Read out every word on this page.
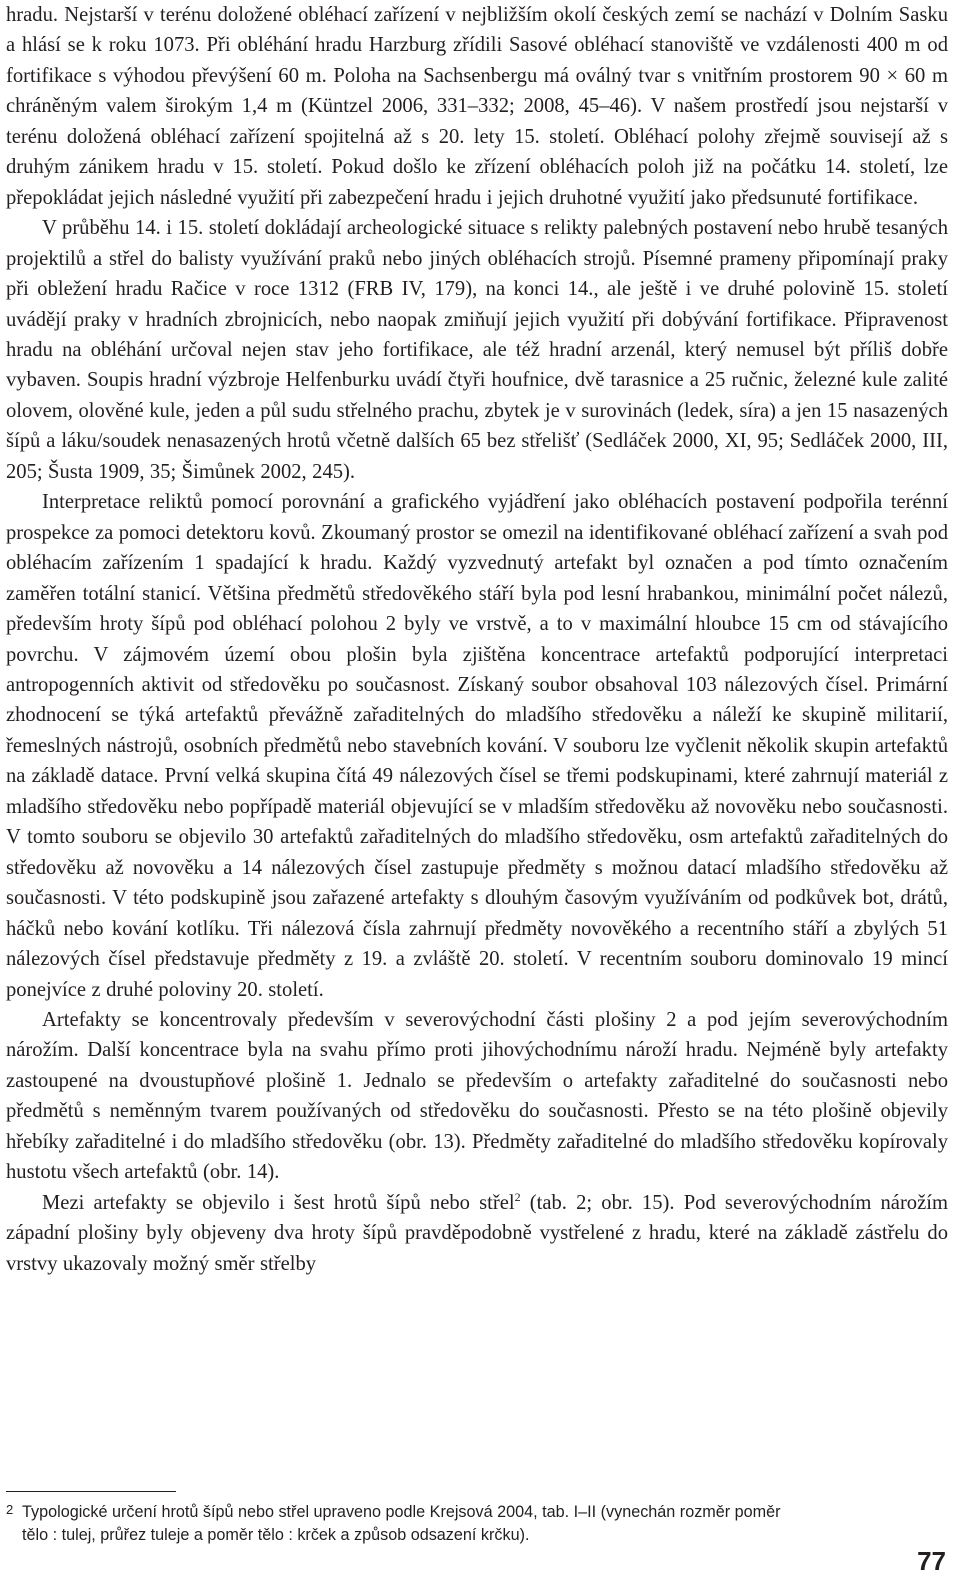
hradu. Nejstarší v terénu doložené obléhací zařízení v nejbližším okolí českých zemí se nachází v Dolním Sasku a hlásí se k roku 1073. Při obléhání hradu Harzburg zřídili Sasové obléhací stanoviště ve vzdálenosti 400 m od fortifikace s výhodou převýšení 60 m. Poloha na Sachsenbergu má oválný tvar s vnitřním prostorem 90 × 60 m chráněným valem širokým 1,4 m (Küntzel 2006, 331–332; 2008, 45–46). V našem prostředí jsou nejstarší v terénu doložená obléhací zařízení spojitelná až s 20. lety 15. století. Obléhací polohy zřejmě souvisejí až s druhým zánikem hradu v 15. století. Pokud došlo ke zřízení obléhacích poloh již na počátku 14. století, lze přepokládat jejich následné využití při zabezpečení hradu i jejich druhotné využití jako předsunuté fortifikace.

V průběhu 14. i 15. století dokládají archeologické situace s relikty palebných postavení nebo hrubě tesaných projektilů a střel do balisty využívání praků nebo jiných obléhacích strojů. Písemné prameny připomínají praky při obležení hradu Račice v roce 1312 (FRB IV, 179), na konci 14., ale ještě i ve druhé polovině 15. století uvádějí praky v hradních zbrojnicích, nebo naopak zmiňují jejich využití při dobývání fortifikace. Připravenost hradu na obléhání určoval nejen stav jeho fortifikace, ale též hradní arzenál, který nemusel být příliš dobře vybaven. Soupis hradní výzbroje Helfenburku uvádí čtyři houfnice, dvě tarasnice a 25 ručnic, železné kule zalité olovem, olověné kule, jeden a půl sudu střelného prachu, zbytek je v surovinách (ledek, síra) a jen 15 nasazených šípů a láku/soudek nenasazených hrotů včetně dalších 65 bez střelišť (Sedláček 2000, XI, 95; Sedláček 2000, III, 205; Šusta 1909, 35; Šimůnek 2002, 245).

Interpretace reliktů pomocí porovnání a grafického vyjádření jako obléhacích postavení podpořila terénní prospekce za pomoci detektoru kovů. Zkoumaný prostor se omezil na identifikované obléhací zařízení a svah pod obléhacím zařízením 1 spadající k hradu. Každý vyzvednutý artefakt byl označen a pod tímto označením zaměřen totální stanicí. Většina předmětů středověkého stáří byla pod lesní hrabankou, minimální počet nálezů, především hroty šípů pod obléhací polohou 2 byly ve vrstvě, a to v maximální hloubce 15 cm od stávajícího povrchu. V zájmovém území obou plošin byla zjištěna koncentrace artefaktů podporující interpretaci antropogenních aktivit od středověku po současnost. Získaný soubor obsahoval 103 nálezových čísel. Primární zhodnocení se týká artefaktů převážně zařaditelných do mladšího středověku a náleží ke skupině militarií, řemeslných nástrojů, osobních předmětů nebo stavebních kování. V souboru lze vyčlenit několik skupin artefaktů na základě datace. První velká skupina čítá 49 nálezových čísel se třemi podskupinami, které zahrnují materiál z mladšího středověku nebo popřípadě materiál objevující se v mladším středověku až novověku nebo současnosti. V tomto souboru se objevilo 30 artefaktů zařaditelných do mladšího středověku, osm artefaktů zařaditelných do středověku až novověku a 14 nálezových čísel zastupuje předměty s možnou datací mladšího středověku až současnosti. V této podskupině jsou zařazené artefakty s dlouhým časovým využíváním od podkůvek bot, drátů, háčků nebo kování kotlíku. Tři nálezová čísla zahrnují předměty novověkého a recentního stáří a zbylých 51 nálezových čísel představuje předměty z 19. a zvláště 20. století. V recentním souboru dominovalo 19 mincí ponejvíce z druhé poloviny 20. století.

Artefakty se koncentrovaly především v severovýchodní části plošiny 2 a pod jejím severovýchodním nárožím. Další koncentrace byla na svahu přímo proti jihovýchodnímu nároží hradu. Nejméně byly artefakty zastoupené na dvoustupňové plošině 1. Jednalo se především o artefakty zařaditelné do současnosti nebo předmětů s neměnným tvarem používaných od středověku do současnosti. Přesto se na této plošině objevily hřebíky zařaditelné i do mladšího středověku (obr. 13). Předměty zařaditelné do mladšího středověku kopírovaly hustotu všech artefaktů (obr. 14).

Mezi artefakty se objevilo i šest hrotů šípů nebo střel$^2$ (tab. 2; obr. 15). Pod severovýchodním nárožím západní plošiny byly objeveny dva hroty šípů pravděpodobně vystřelené z hradu, které na základě zástřelu do vrstvy ukazovaly možný směr střelby

2 Typologické určení hrotů šípů nebo střel upraveno podle Krejsová 2004, tab. I–II (vynechán rozměr poměr
tělo : tulej, průřez tuleje a poměr tělo : krček a způsob odsazení krčku).
77
